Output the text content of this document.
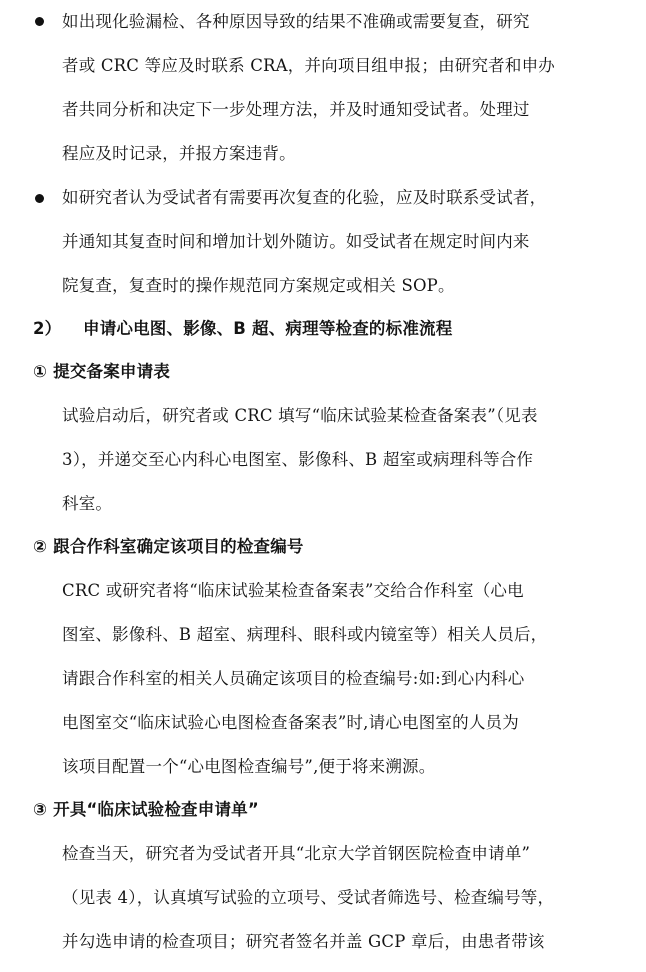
如出现化验漏检、各种原因导致的结果不准确或需要复查，研究
者或 CRC 等应及时联系 CRA，并向项目组申报；由研究者和申办
者共同分析和决定下一步处理方法，并及时通知受试者。处理过
程应及时记录，并报方案违背。
如研究者认为受试者有需要再次复查的化验，应及时联系受试者，
并通知其复查时间和增加计划外随访。如受试者在规定时间内来
院复查，复查时的操作规范同方案规定或相关 SOP。
2） 申请心电图、影像、B 超、病理等检查的标准流程
① 提交备案申请表
试验启动后，研究者或 CRC 填写“临床试验某检查备案表”（见表
3），并递交至心内科心电图室、影像科、B 超室或病理科等合作
科室。
② 跟合作科室确定该项目的检查编号
CRC 或研究者将“临床试验某检查备案表”交给合作科室（心电
图室、影像科、B 超室、病理科、眼科或内镜室等）相关人员后，
请跟合作科室的相关人员确定该项目的检查编号:如:到心内科心
电图室交“临床试验心电图检查备案表”时,请心电图室的人员为
该项目配置一个“心电图检查编号”,便于将来溯源。
③ 开具“临床试验检查申请单”
检查当天，研究者为受试者开具“北京大学首钢医院检查申请单”
（见表 4），认真填写试验的立项号、受试者筛选号、检查编号等，
并勾选申请的检查项目；研究者签名并盖 GCP 章后，由患者带该
